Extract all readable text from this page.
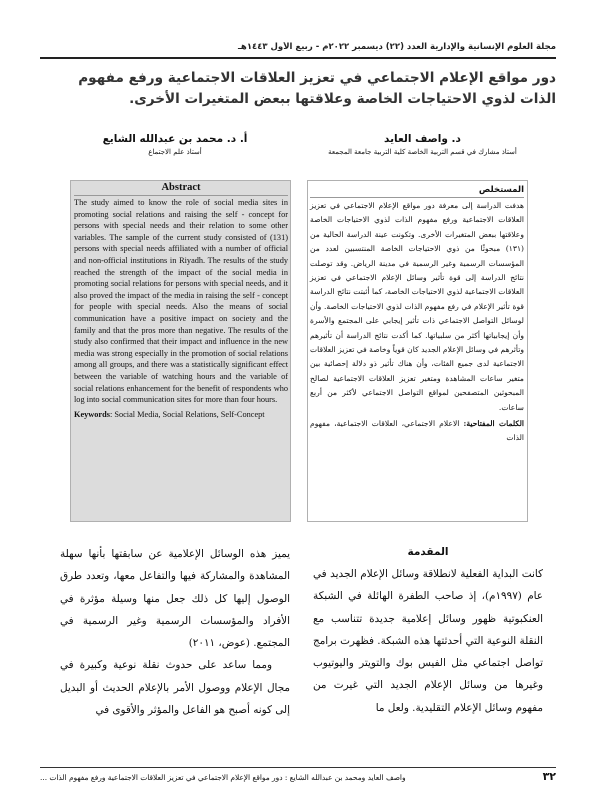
مجلة العلوم الإنسانية والإدارية العدد (٢٢) ديسمبر ٢٠٢٢م - ربيع الأول ١٤٤٣هـ
دور مواقع الإعلام الاجتماعي في تعزيز العلاقات الاجتماعية ورفع مفهوم
الذات لذوي الاحتياجات الخاصة وعلاقتها ببعض المتغيرات الأخرى.
د. واصف العايد
أستاذ مشارك في قسم التربية الخاصة كلية التربية جامعة المجمعة
أ. د. محمد بن عبدالله الشايع
أستاذ علم الاجتماع
Abstract
The study aimed to know the role of social media sites in promoting social relations and raising the self - concept for persons with special needs and their relation to some other variables. The sample of the current study consisted of (131) persons with special needs affiliated with a number of official and non-official institutions in Riyadh. The results of the study reached the strength of the impact of the social media in promoting social relations for persons with special needs, and it also proved the impact of the media in raising the self - concept for people with special needs. Also the means of social communication have a positive impact on society and the family and that the pros more than negative. The results of the study also confirmed that their impact and influence in the new media was strong especially in the promotion of social relations among all groups, and there was a statistically significant effect between the variable of watching hours and the variable of social relations enhancement for the benefit of respondents who log into social communication sites for more than four hours.
Keywords: Social Media, Social Relations, Self-Concept
المستخلص
هدفت الدراسة إلى معرفة دور مواقع الإعلام الاجتماعي في تعزيز العلاقات الاجتماعية ورفع مفهوم الذات لذوي الاحتياجات الخاصة وعلاقتها ببعض المتغيرات الأخرى. وتكونت عينة الدراسة الحالية من (١٣١) مبحوثًا من ذوي الاحتياجات الخاصة المنتسبين لعدد من المؤسسات الرسمية وغير الرسمية في مدينة الرياض. وقد توصلت نتائج الدراسة إلى قوة تأثير وسائل الإعلام الاجتماعي في تعزيز العلاقات الاجتماعية لذوي الاحتياجات الخاصة، كما أثبتت نتائج الدراسة قوة تأثير الإعلام في رفع مفهوم الذات لذوي الاحتياجات الخاصة. وأن لوسائل التواصل الاجتماعي ذات تأثير إيجابي على المجتمع والأسرة وأن إيجابياتها أكثر من سلبياتها. كما أكدت نتائج الدراسة أن تأثيرهم وتأثرهم في وسائل الإعلام الجديد كان قوياً وخاصة في تعزيز العلاقات الاجتماعية لدى جميع الفئات، وأن هناك تأثير ذو دلالة إحصائية بين متغير ساعات المشاهدة ومتغير تعزيز العلاقات الاجتماعية لصالح المبحوثين المتصفحين لمواقع التواصل الاجتماعي لأكثر من أربع ساعات.
الكلمات المفتاحية: الاعلام الاجتماعي، العلاقات الاجتماعية، مفهوم الذات
المقدمة

كانت البداية الفعلية لانطلاقة وسائل الإعلام الجديد في عام (١٩٩٧م)، إذ صاحب الطفرة الهائلة في الشبكة العنكبوتية ظهور وسائل إعلامية جديدة تتناسب مع النقلة النوعية التي أحدثتها هذه الشبكة. فظهرت برامج تواصل اجتماعي مثل الفيس بوك والتويتر واليوتيوب وغيرها من وسائل الإعلام الجديد التي غيرت من مفهوم وسائل الإعلام التقليدية. ولعل ما

يميز هذه الوسائل الإعلامية عن سابقتها بأنها سهلة المشاهدة والمشاركة فيها والتفاعل معها، وتعدد طرق الوصول إليها كل ذلك جعل منها وسيلة مؤثرة في الأفراد والمؤسسات الرسمية وغير الرسمية في المجتمع. (عوض، ٢٠١١)

ومما ساعد على حدوث نقلة نوعية وكبيرة في مجال الإعلام ووصول الأمر بالإعلام الحديث أو البديل إلى كونه أصبح هو الفاعل والمؤثر والأقوى في

٣٢
واصف العايد ومحمد بن عبدالله الشايع : دور مواقع الإعلام الاجتماعي في تعزيز العلاقات الاجتماعية ورفع مفهوم الذات ...
